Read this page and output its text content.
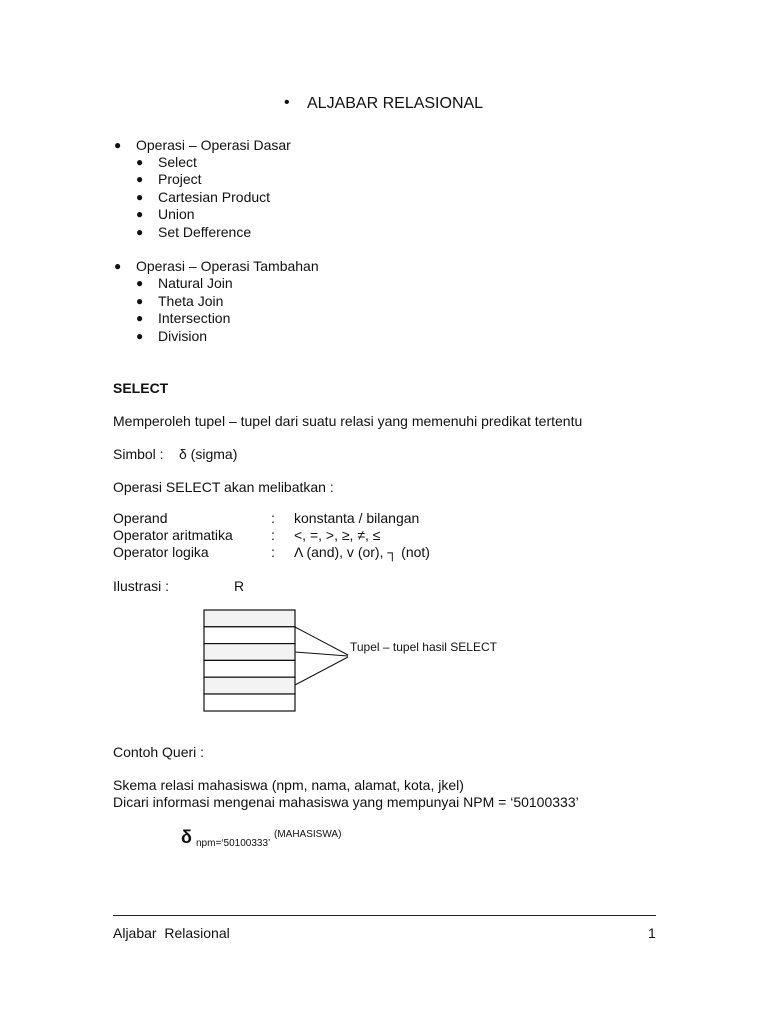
• ALJABAR RELASIONAL
● Operasi – Operasi Dasar
● Select
● Project
● Cartesian Product
● Union
● Set Defference
● Operasi – Operasi Tambahan
● Natural Join
● Theta Join
● Intersection
● Division
SELECT
Memperoleh tupel – tupel dari suatu relasi yang memenuhi predikat tertentu
Simbol : δ (sigma)
Operasi SELECT akan melibatkan :
Operand	: konstanta / bilangan
Operator aritmatika	: <, =, >, ≥, ≠, ≤
Operator logika	: Λ (and), v (or), ┐ (not)
Ilustrasi :	R
Tupel – tupel hasil SELECT
Contoh Queri :
Skema relasi mahasiswa (npm, nama, alamat, kota, jkel)
Dicari informasi mengenai mahasiswa yang mempunyai NPM = ‘50100333’
δ npm=‘50100333’
(MAHASISWA)
Aljabar  Relasional	1
